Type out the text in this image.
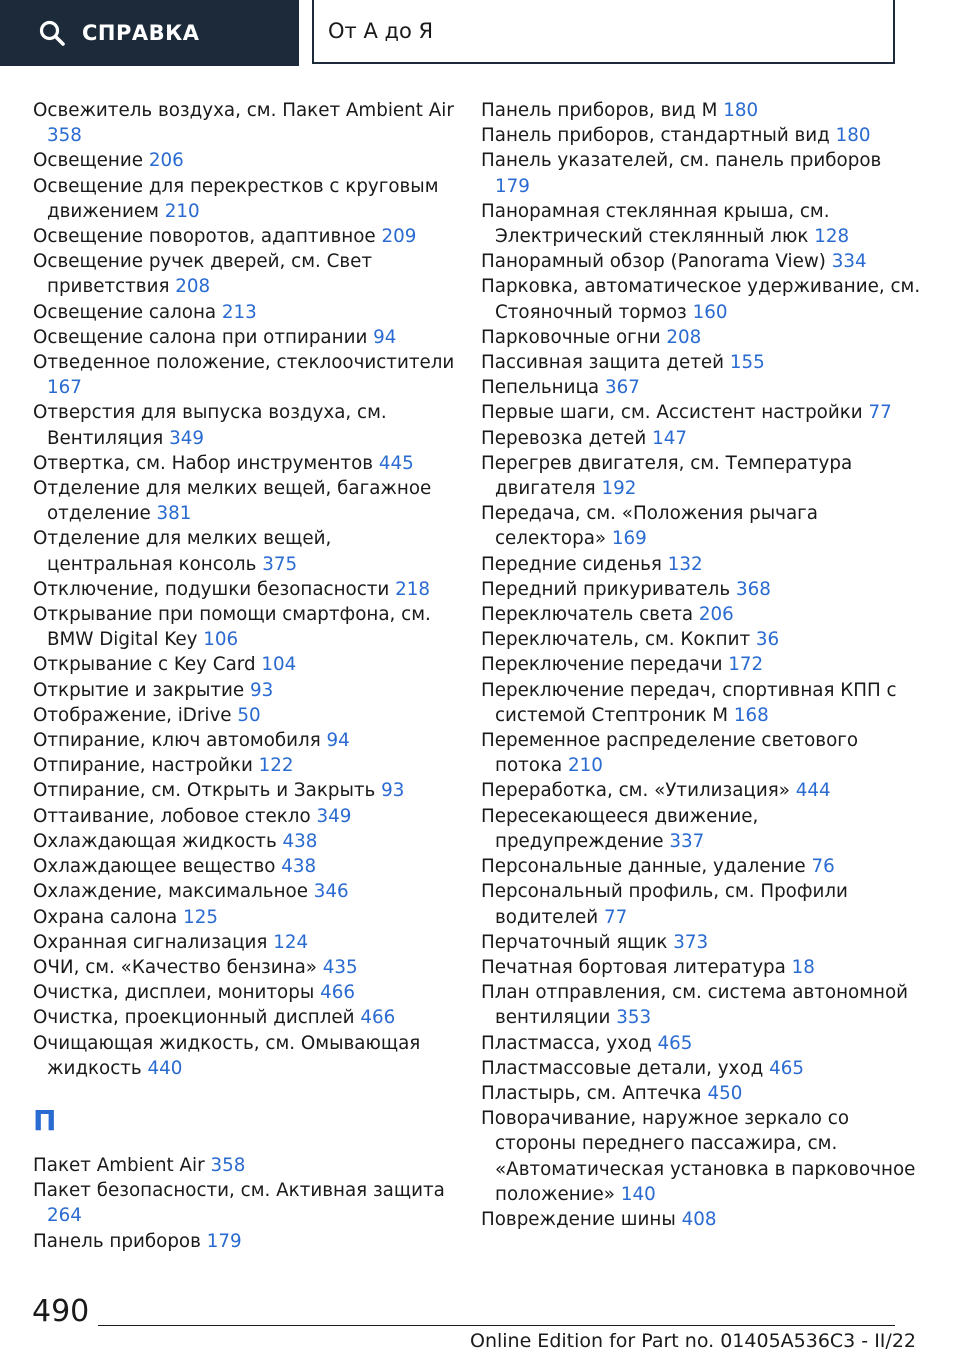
СПРАВКА	От А до Я
Освежитель воздуха, см. Пакет Ambient Air 358
Освещение 206
Освещение для перекрестков с круговым движением 210
Освещение поворотов, адаптивное 209
Освещение ручек дверей, см. Свет приветствия 208
Освещение салона 213
Освещение салона при отпирании 94
Отведенное положение, стеклоочистители 167
Отверстия для выпуска воздуха, см. Вентиляция 349
Отвертка, см. Набор инструментов 445
Отделение для мелких вещей, багажное отделение 381
Отделение для мелких вещей, центральная консоль 375
Отключение, подушки безопасности 218
Открывание при помощи смартфона, см. BMW Digital Key 106
Открывание с Key Card 104
Открытие и закрытие 93
Отображение, iDrive 50
Отпирание, ключ автомобиля 94
Отпирание, настройки 122
Отпирание, см. Открыть и Закрыть 93
Оттаивание, лобовое стекло 349
Охлаждающая жидкость 438
Охлаждающее вещество 438
Охлаждение, максимальное 346
Охрана салона 125
Охранная сигнализация 124
ОЧИ, см. «Качество бензина» 435
Очистка, дисплеи, мониторы 466
Очистка, проекционный дисплей 466
Очищающая жидкость, см. Омывающая жидкость 440
П
Пакет Ambient Air 358
Пакет безопасности, см. Активная защита 264
Панель приборов 179
Панель приборов, вид M 180
Панель приборов, стандартный вид 180
Панель указателей, см. панель приборов 179
Панорамная стеклянная крыша, см. Электрический стеклянный люк 128
Панорамный обзор (Panorama View) 334
Парковка, автоматическое удерживание, см. Стояночный тормоз 160
Парковочные огни 208
Пассивная защита детей 155
Пепельница 367
Первые шаги, см. Ассистент настройки 77
Перевозка детей 147
Перегрев двигателя, см. Температура двигателя 192
Передача, см. «Положения рычага селектора» 169
Передние сиденья 132
Передний прикуриватель 368
Переключатель света 206
Переключатель, см. Кокпит 36
Переключение передачи 172
Переключение передач, спортивная КПП с системой Стептроник M 168
Переменное распределение светового потока 210
Переработка, см. «Утилизация» 444
Пересекающееся движение, предупреждение 337
Персональные данные, удаление 76
Персональный профиль, см. Профили водителей 77
Перчаточный ящик 373
Печатная бортовая литература 18
План отправления, см. система автономной вентиляции 353
Пластмасса, уход 465
Пластмассовые детали, уход 465
Пластырь, см. Аптечка 450
Поворачивание, наружное зеркало со стороны переднего пассажира, см. «Автоматическая установка в парковочное положение» 140
Повреждение шины 408
490
Online Edition for Part no. 01405A536C3 - II/22
